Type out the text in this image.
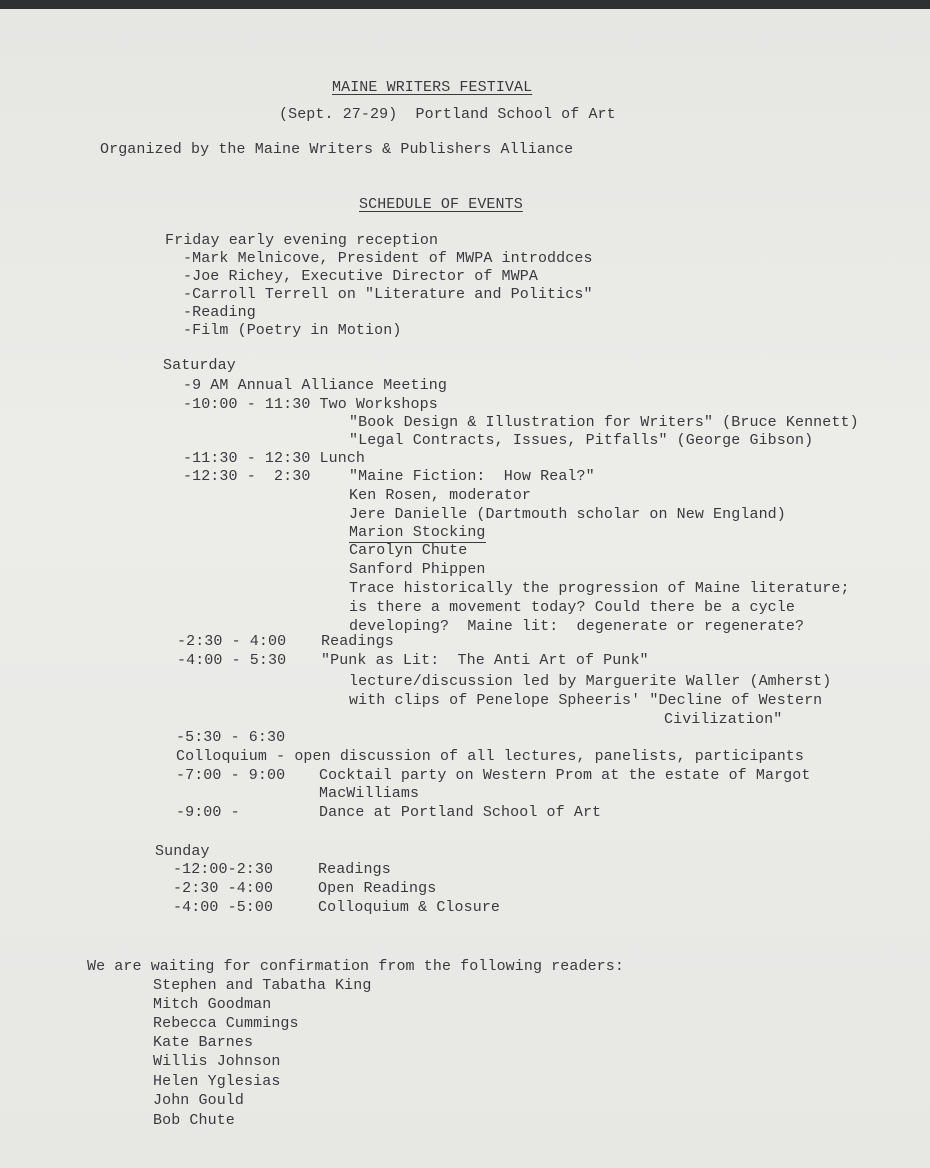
MAINE WRITERS FESTIVAL
(Sept. 27-29)  Portland School of Art
Organized by the Maine Writers & Publishers Alliance
SCHEDULE OF EVENTS
Friday early evening reception
-Mark Melnicove, President of MWPA introddces
-Joe Richey, Executive Director of MWPA
-Carroll Terrell on "Literature and Politics"
-Reading
-Film (Poetry in Motion)
Saturday
-9 AM Annual Alliance Meeting
-10:00 - 11:30 Two Workshops
"Book Design & Illustration for Writers" (Bruce Kennett)
"Legal Contracts, Issues, Pitfalls" (George Gibson)
-11:30 - 12:30 Lunch
-12:30 -  2:30	"Maine Fiction:  How Real?"
Ken Rosen, moderator
Jere Danielle (Dartmouth scholar on New England)
Marion Stocking
Carolyn Chute
Sanford Phippen
Trace historically the progression of Maine literature;
is there a movement today? Could there be a cycle
developing?  Maine lit:  degenerate or regenerate?
-2:30 - 4:00 Readings
-4:00 - 5:30 "Punk as Lit:  The Anti Art of Punk"
lecture/discussion led by Marguerite Waller (Amherst)
with clips of Penelope Spheeris' "Decline of Western
Civilization"
-5:30 - 6:30
Colloquium - open discussion of all lectures, panelists, participants
-7:00 - 9:00 Cocktail party on Western Prom at the estate of Margot
MacWilliams
-9:00 -	Dance at Portland School of Art
Sunday
-12:00-2:30	Readings
-2:30 -4:00	Open Readings
-4:00 -5:00	Colloquium & Closure
We are waiting for confirmation from the following readers:
Stephen and Tabatha King
Mitch Goodman
Rebecca Cummings
Kate Barnes
Willis Johnson
Helen Yglesias
John Gould
Bob Chute
